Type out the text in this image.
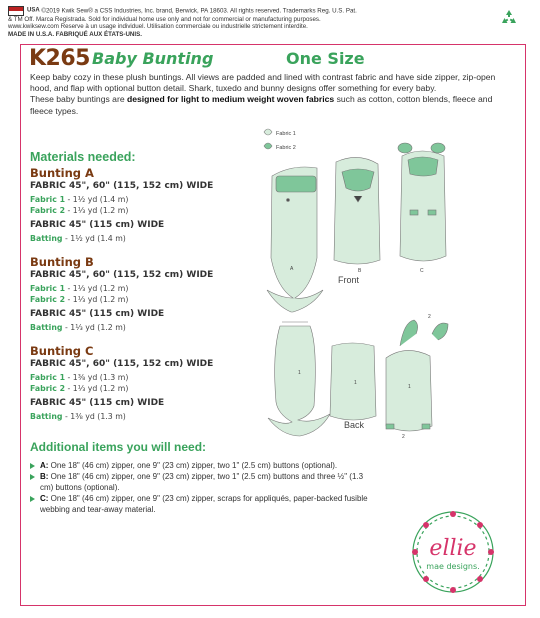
USA ©2019 Kwik Sew® a CSS Industries, Inc. brand, Berwick, PA 18603. All rights reserved. Trademarks Reg. U.S. Pat.

& TM Off. Marca Registrada. Sold for individual home use only and not for commercial or manufacturing purposes.

www.kwiksew.com Reserve à un usage individuel. Utilisation commerciale ou industrielle strictement interdite.

MADE IN U.S.A. FABRIQUÉ AUX ÉTATS-UNIS.

K265 Baby Bunting	One Size

Keep baby cozy in these plush buntings. All views are padded and lined with contrast fabric and have side zipper, zip-open hood, and flap with optional button detail. Shark, tuxedo and bunny designs offer something for every baby.

These baby buntings are designed for light to medium weight woven fabrics such as cotton, cotton blends, fleece and fleece types.

Materials needed:
Bunting A
FABRIC 45", 60" (115, 152 cm) WIDE
Fabric 1 - 1½ yd (1.4 m)
Fabric 2 - 1⅓ yd (1.2 m)
FABRIC 45" (115 cm) WIDE
Batting - 1½ yd (1.4 m)
Bunting B
FABRIC 45", 60" (115, 152 cm) WIDE
Fabric 1 - 1⅓ yd (1.2 m)
Fabric 2 - 1⅓ yd (1.2 m)
FABRIC 45" (115 cm) WIDE
Batting - 1⅓ yd (1.2 m)
Bunting C
FABRIC 45", 60" (115, 152 cm) WIDE
Fabric 1 - 1⅜ yd (1.3 m)
Fabric 2 - 1⅓ yd (1.2 m)
FABRIC 45" (115 cm) WIDE
Batting - 1⅜ yd (1.3 m)
Additional items you will need:

A: One 18" (46 cm) zipper, one 9" (23 cm) zipper, two 1" (2.5 cm) buttons (optional).

B: One 18" (46 cm) zipper, one 9" (23 cm) zipper, two 1" (2.5 cm) buttons and three ½" (1.3 cm) buttons (optional).

C: One 18" (46 cm) zipper, one 9" (23 cm) zipper, scraps for appliqués, paper-backed fusible webbing and tear-away material.

Fabric 1
Fabric 2
Front
Back
A	B	C
1
1
1
2
2
ellie
mae designs.
